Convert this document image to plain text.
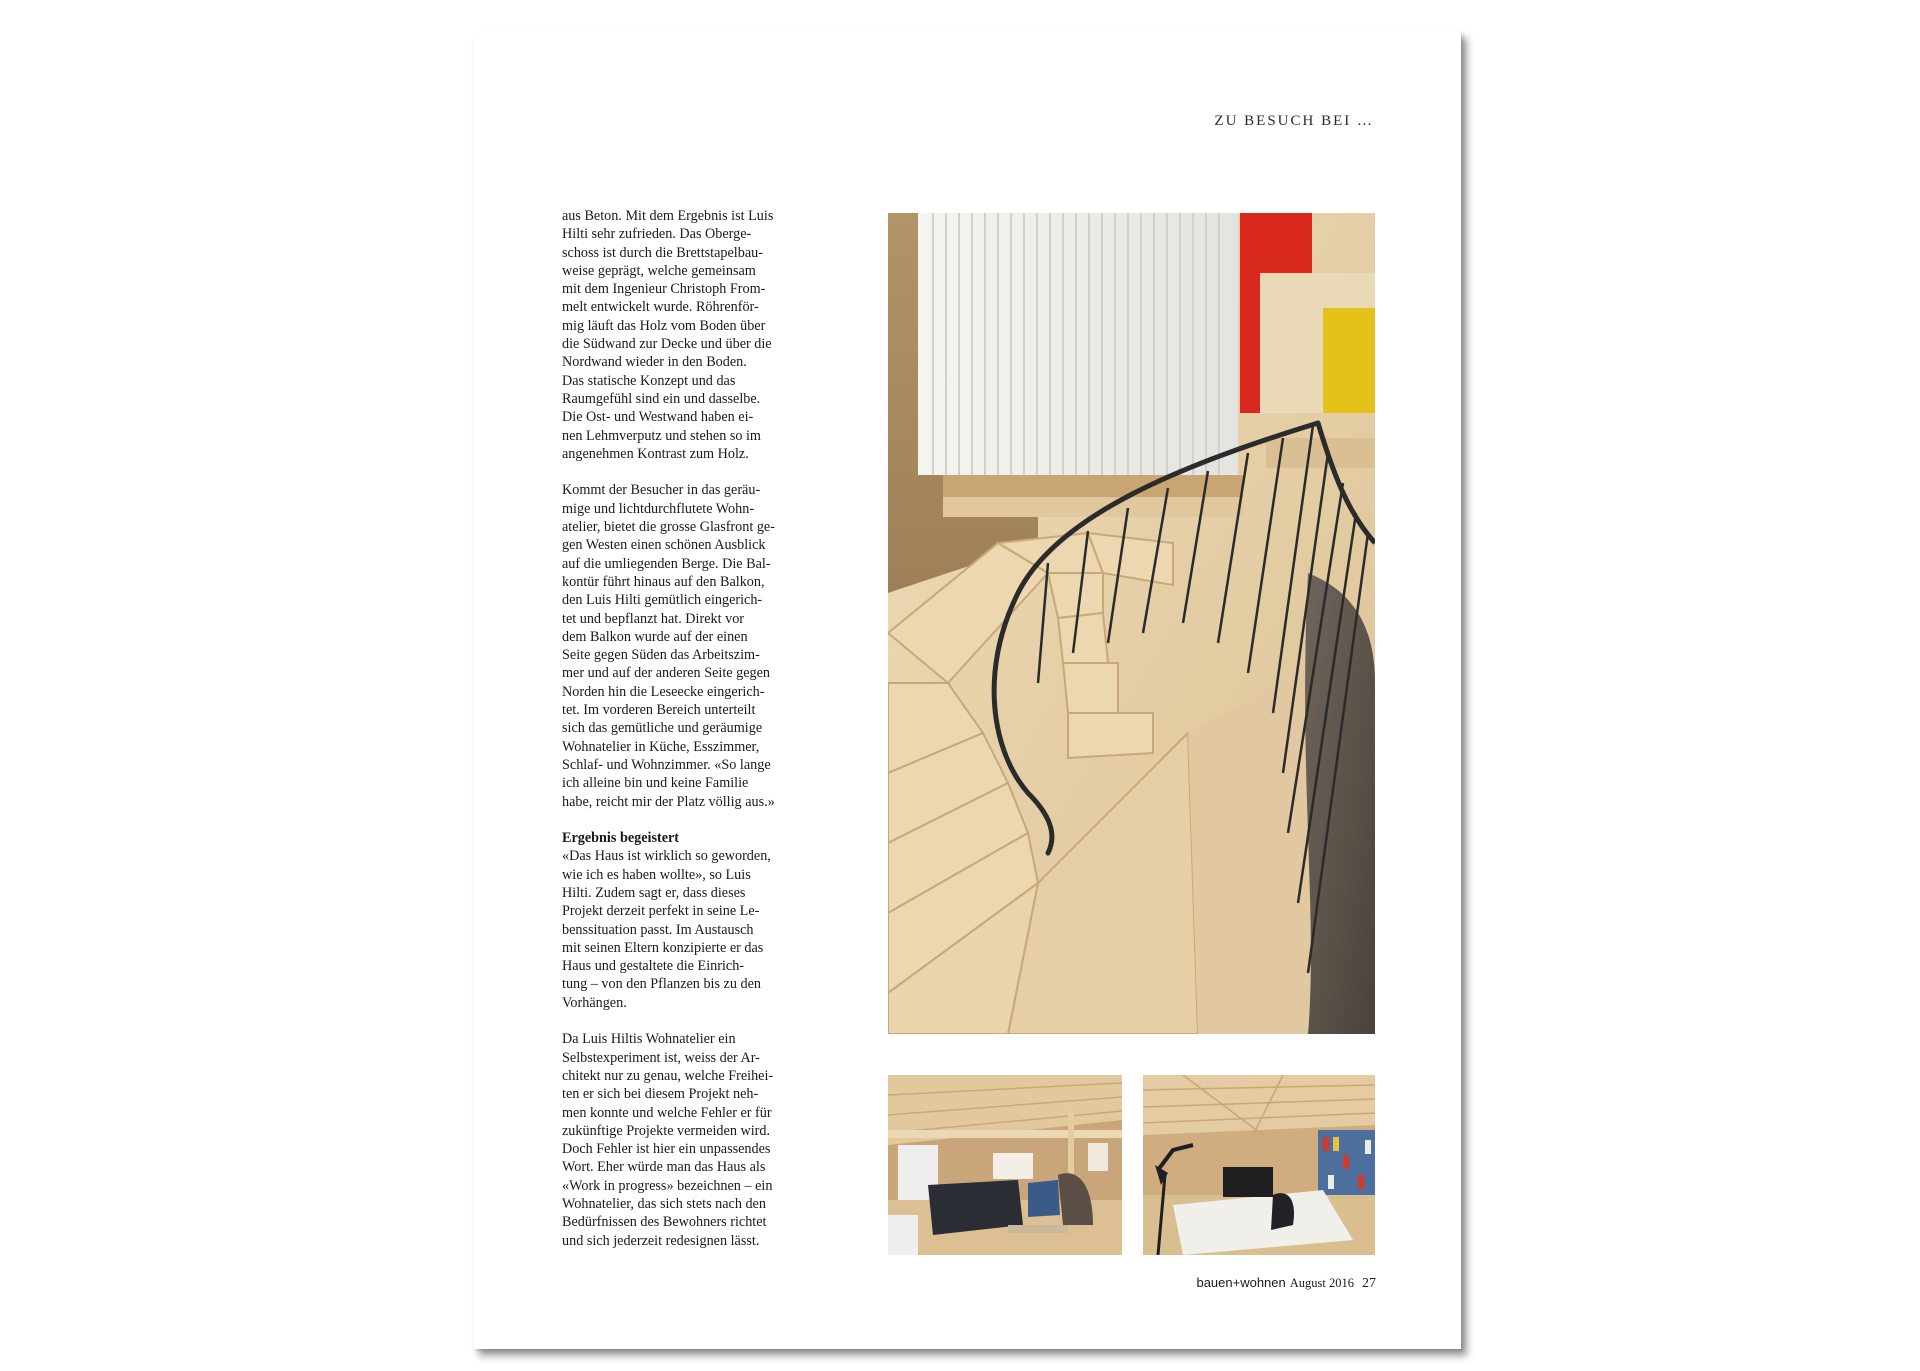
ZU BESUCH BEI …

aus Beton. Mit dem Ergebnis ist Luis
Hilti sehr zufrieden. Das Oberge-
schoss ist durch die Brettstapelbau-
weise geprägt, welche gemeinsam
mit dem Ingenieur Christoph From-
melt entwickelt wurde. Röhrenför-
mig läuft das Holz vom Boden über
die Südwand zur Decke und über die
Nordwand wieder in den Boden.
Das statische Konzept und das
Raumgefühl sind ein und dasselbe.
Die Ost- und Westwand haben ei-
nen Lehmverputz und stehen so im
angenehmen Kontrast zum Holz.

Kommt der Besucher in das geräu-
mige und lichtdurchflutete Wohn-
atelier, bietet die grosse Glasfront ge-
gen Westen einen schönen Ausblick
auf die umliegenden Berge. Die Bal-
kontür führt hinaus auf den Balkon,
den Luis Hilti gemütlich eingerich-
tet und bepflanzt hat. Direkt vor
dem Balkon wurde auf der einen
Seite gegen Süden das Arbeitszim-
mer und auf der anderen Seite gegen
Norden hin die Leseecke eingerich-
tet. Im vorderen Bereich unterteilt
sich das gemütliche und geräumige
Wohnatelier in Küche, Esszimmer,
Schlaf- und Wohnzimmer. «So lange
ich alleine bin und keine Familie
habe, reicht mir der Platz völlig aus.»

Ergebnis begeistert
«Das Haus ist wirklich so geworden,
wie ich es haben wollte», so Luis
Hilti. Zudem sagt er, dass dieses
Projekt derzeit perfekt in seine Le-
benssituation passt. Im Austausch
mit seinen Eltern konzipierte er das
Haus und gestaltete die Einrich-
tung – von den Pflanzen bis zu den
Vorhängen.

Da Luis Hiltis Wohnatelier ein
Selbstexperiment ist, weiss der Ar-
chitekt nur zu genau, welche Freihei-
ten er sich bei diesem Projekt neh-
men konnte und welche Fehler er für
zukünftige Projekte vermeiden wird.
Doch Fehler ist hier ein unpassendes
Wort. Eher würde man das Haus als
«Work in progress» bezeichnen – ein
Wohnatelier, das sich stets nach den
Bedürfnissen des Bewohners richtet
und sich jederzeit redesignen lässt.

bauen+wohnen August 2016 27
